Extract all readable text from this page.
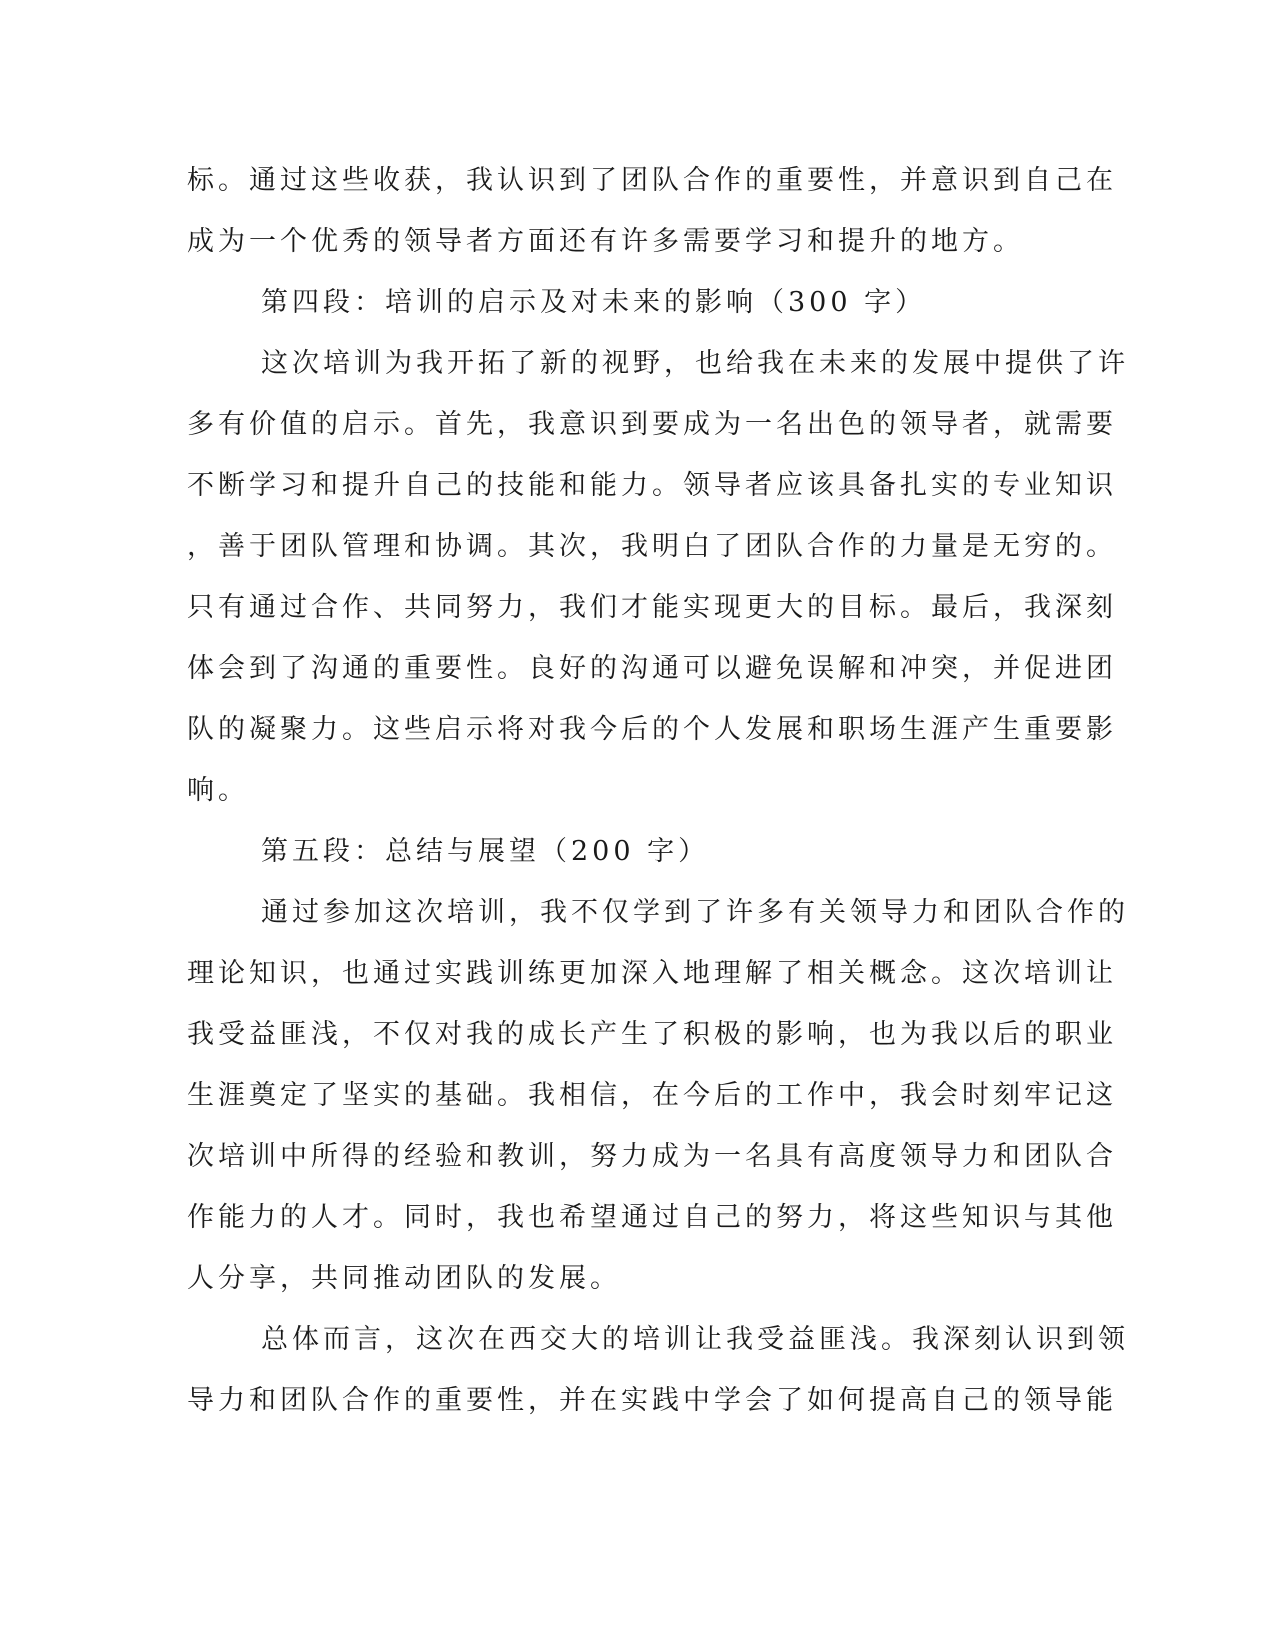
标。通过这些收获，我认识到了团队合作的重要性，并意识到自己在
成为一个优秀的领导者方面还有许多需要学习和提升的地方。
第四段：培训的启示及对未来的影响（300 字）
这次培训为我开拓了新的视野，也给我在未来的发展中提供了许
多有价值的启示。首先，我意识到要成为一名出色的领导者，就需要
不断学习和提升自己的技能和能力。领导者应该具备扎实的专业知识
，善于团队管理和协调。其次，我明白了团队合作的力量是无穷的。
只有通过合作、共同努力，我们才能实现更大的目标。最后，我深刻
体会到了沟通的重要性。良好的沟通可以避免误解和冲突，并促进团
队的凝聚力。这些启示将对我今后的个人发展和职场生涯产生重要影
响。
第五段：总结与展望（200 字）
通过参加这次培训，我不仅学到了许多有关领导力和团队合作的
理论知识，也通过实践训练更加深入地理解了相关概念。这次培训让
我受益匪浅，不仅对我的成长产生了积极的影响，也为我以后的职业
生涯奠定了坚实的基础。我相信，在今后的工作中，我会时刻牢记这
次培训中所得的经验和教训，努力成为一名具有高度领导力和团队合
作能力的人才。同时，我也希望通过自己的努力，将这些知识与其他
人分享，共同推动团队的发展。
总体而言，这次在西交大的培训让我受益匪浅。我深刻认识到领
导力和团队合作的重要性，并在实践中学会了如何提高自己的领导能
